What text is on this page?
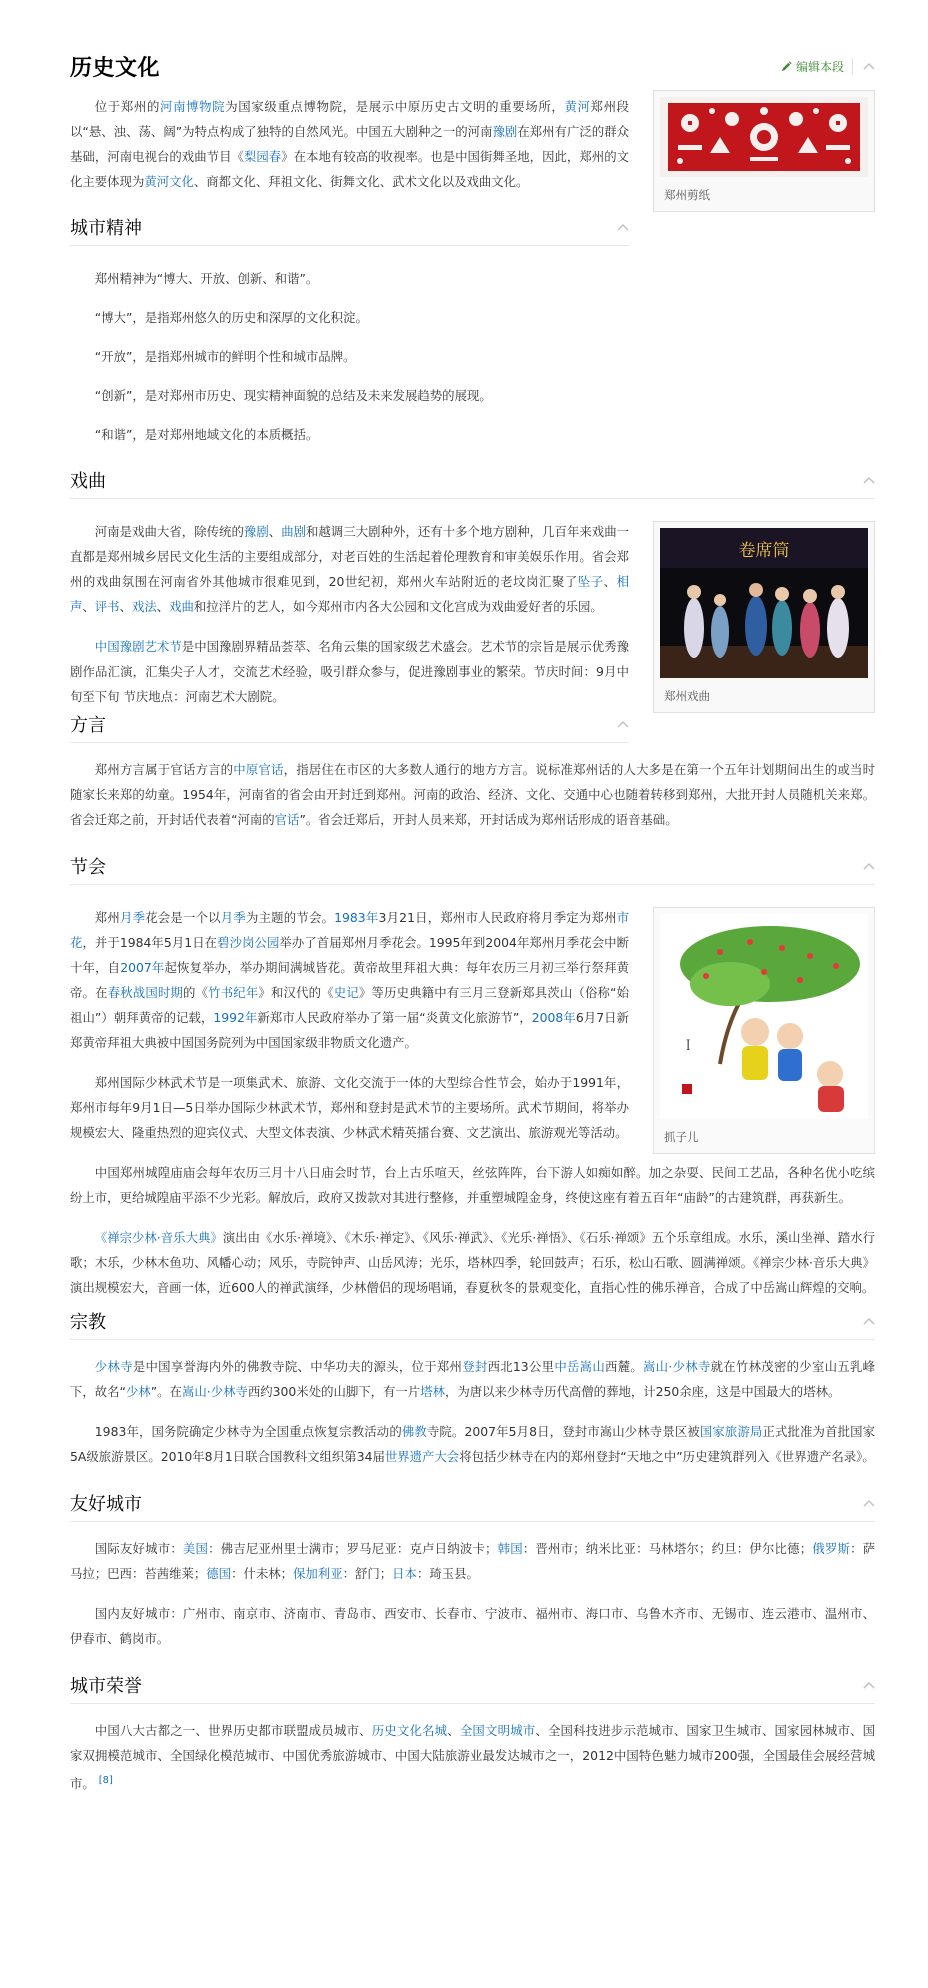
历史文化	编辑本段
郑州剪纸

位于郑州的河南博物院为国家级重点博物院，是展示中原历史古文明的重要场所，黄河郑州段以“悬、浊、荡、阔”为特点构成了独特的自然风光。中国五大剧种之一的河南豫剧在郑州有广泛的群众基础，河南电视台的戏曲节目《梨园春》在本地有较高的收视率。也是中国街舞圣地，因此，郑州的文化主要体现为黄河文化、商都文化、拜祖文化、街舞文化、武术文化以及戏曲文化。

城市精神

郑州精神为“博大、开放、创新、和谐”。

“博大”，是指郑州悠久的历史和深厚的文化积淀。

“开放”，是指郑州城市的鲜明个性和城市品牌。

“创新”，是对郑州市历史、现实精神面貌的总结及未来发展趋势的展现。

“和谐”，是对郑州地域文化的本质概括。

戏曲
卷席筒
郑州戏曲

河南是戏曲大省，除传统的豫剧、曲剧和越调三大剧种外，还有十多个地方剧种，几百年来戏曲一直都是郑州城乡居民文化生活的主要组成部分，对老百姓的生活起着伦理教育和审美娱乐作用。省会郑州的戏曲氛围在河南省外其他城市很难见到，20世纪初，郑州火车站附近的老坟岗汇聚了坠子、相声、评书、戏法、戏曲和拉洋片的艺人，如今郑州市内各大公园和文化宫成为戏曲爱好者的乐园。

中国豫剧艺术节是中国豫剧界精品荟萃、名角云集的国家级艺术盛会。艺术节的宗旨是展示优秀豫剧作品汇演，汇集尖子人才，交流艺术经验，吸引群众参与，促进豫剧事业的繁荣。节庆时间：9月中旬至下旬 节庆地点：河南艺术大剧院。

方言

郑州方言属于官话方言的中原官话，指居住在市区的大多数人通行的地方方言。说标准郑州话的人大多是在第一个五年计划期间出生的或当时随家长来郑的幼童。1954年，河南省的省会由开封迁到郑州。河南的政治、经济、文化、交通中心也随着转移到郑州，大批开封人员随机关来郑。省会迁郑之前，开封话代表着“河南的官话”。省会迁郑后，开封人员来郑，开封话成为郑州话形成的语音基础。

节会
ꟾ
抓子儿

郑州月季花会是一个以月季为主题的节会。1983年3月21日，郑州市人民政府将月季定为郑州市花，并于1984年5月1日在碧沙岗公园举办了首届郑州月季花会。1995年到2004年郑州月季花会中断十年，自2007年起恢复举办，举办期间满城皆花。黄帝故里拜祖大典：每年农历三月初三举行祭拜黄帝。在春秋战国时期的《竹书纪年》和汉代的《史记》等历史典籍中有三月三登新郑具茨山（俗称“始祖山”）朝拜黄帝的记载，1992年新郑市人民政府举办了第一届“炎黄文化旅游节”，2008年6月7日新郑黄帝拜祖大典被中国国务院列为中国国家级非物质文化遗产。

郑州国际少林武术节是一项集武术、旅游、文化交流于一体的大型综合性节会，始办于1991年，郑州市每年9月1日—5日举办国际少林武术节，郑州和登封是武术节的主要场所。武术节期间，将举办规模宏大、隆重热烈的迎宾仪式、大型文体表演、少林武术精英擂台赛、文艺演出、旅游观光等活动。

中国郑州城隍庙庙会每年农历三月十八日庙会时节，台上古乐喧天，丝弦阵阵，台下游人如痴如醉。加之杂耍、民间工艺品，各种名优小吃缤纷上市，更给城隍庙平添不少光彩。解放后，政府又拨款对其进行整修，并重塑城隍金身，终使这座有着五百年“庙龄”的古建筑群，再获新生。

《禅宗少林·音乐大典》演出由《水乐·禅境》、《木乐·禅定》、《风乐·禅武》、《光乐·禅悟》、《石乐·禅颂》五个乐章组成。水乐，溪山坐禅、踏水行歌；木乐，少林木鱼功、风幡心动；风乐，寺院钟声、山岳风涛；光乐，塔林四季，轮回鼓声；石乐，松山石歌、圆满禅颂。《禅宗少林·音乐大典》演出规模宏大，音画一体，近600人的禅武演绎，少林僧侣的现场唱诵，春夏秋冬的景观变化，直指心性的佛乐禅音，合成了中岳嵩山辉煌的交响。

宗教

少林寺是中国享誉海内外的佛教寺院、中华功夫的源头，位于郑州登封西北13公里中岳嵩山西麓。嵩山·少林寺就在竹林茂密的少室山五乳峰下，故名“少林”。在嵩山·少林寺西约300米处的山脚下，有一片塔林，为唐以来少林寺历代高僧的葬地，计250余座，这是中国最大的塔林。

1983年，国务院确定少林寺为全国重点恢复宗教活动的佛教寺院。2007年5月8日，登封市嵩山少林寺景区被国家旅游局正式批准为首批国家5A级旅游景区。2010年8月1日联合国教科文组织第34届世界遗产大会将包括少林寺在内的郑州登封“天地之中”历史建筑群列入《世界遗产名录》。

友好城市

国际友好城市：美国：佛吉尼亚州里士满市；罗马尼亚：克卢日纳波卡；韩国：晋州市；纳米比亚：马林塔尔；约旦：伊尔比德；俄罗斯：萨马拉；巴西：苔茜维莱；德国：什未林；保加利亚：舒门；日本：琦玉县。

国内友好城市：广州市、南京市、济南市、青岛市、西安市、长春市、宁波市、福州市、海口市、乌鲁木齐市、无锡市、连云港市、温州市、伊春市、鹤岗市。

城市荣誉

中国八大古都之一、世界历史都市联盟成员城市、历史文化名城、全国文明城市、全国科技进步示范城市、国家卫生城市、国家园林城市、国家双拥模范城市、全国绿化模范城市、中国优秀旅游城市、中国大陆旅游业最发达城市之一，2012中国特色魅力城市200强，全国最佳会展经营城市。 [8]
